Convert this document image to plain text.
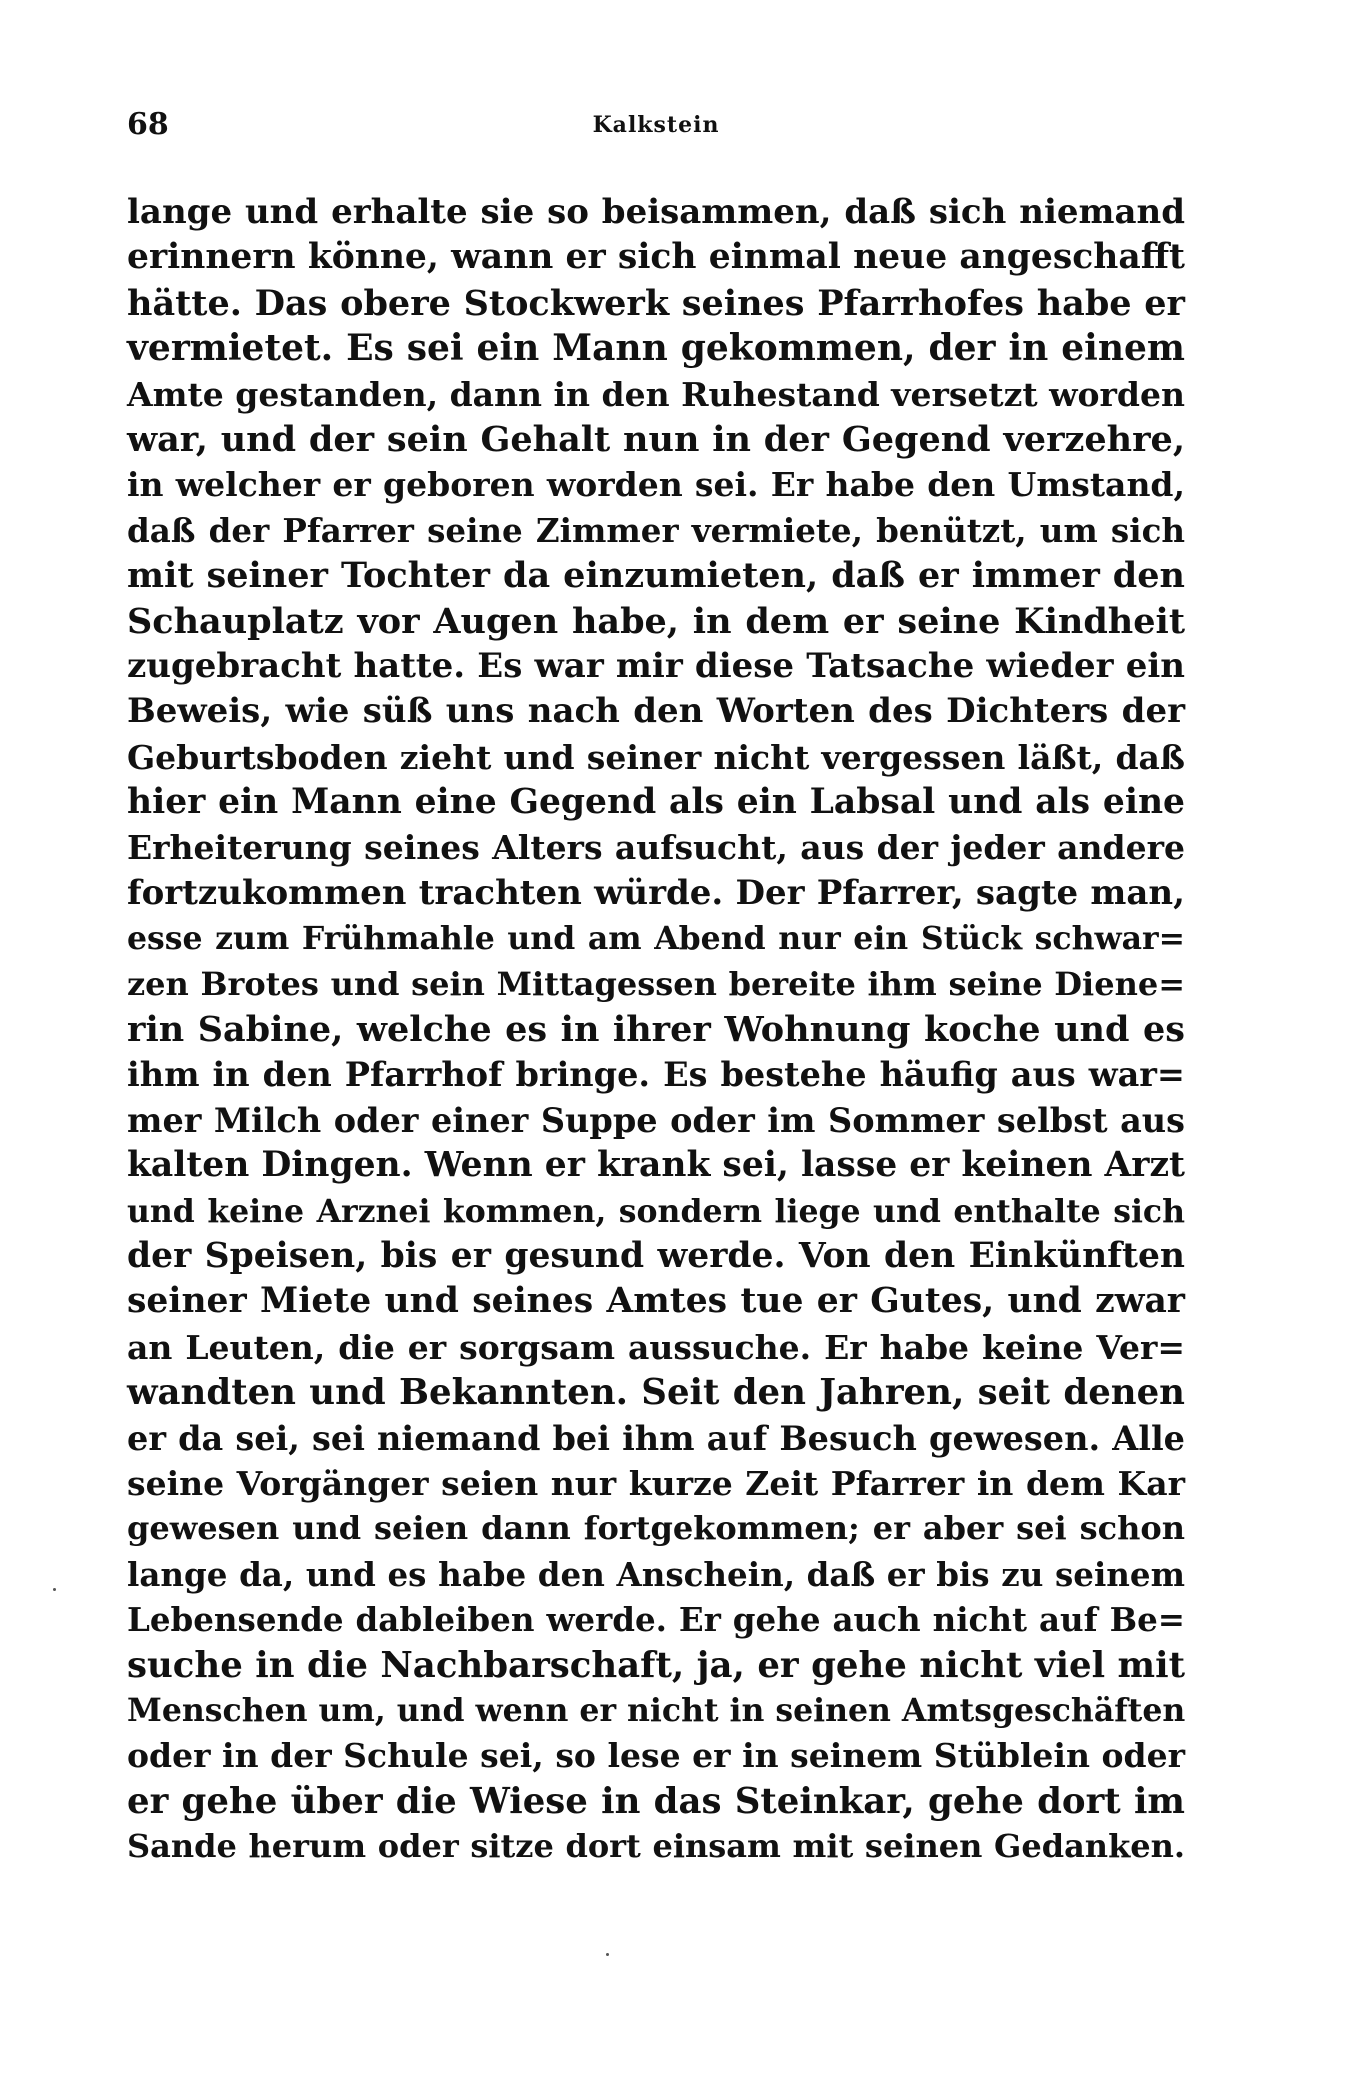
68	Kalkstein
lange und erhalte sie so beisammen, daß sich niemand
erinnern könne, wann er sich einmal neue angeschafft
hätte. Das obere Stockwerk seines Pfarrhofes habe er
vermietet. Es sei ein Mann gekommen, der in einem
Amte gestanden, dann in den Ruhestand versetzt worden
war, und der sein Gehalt nun in der Gegend verzehre,
in welcher er geboren worden sei. Er habe den Umstand,
daß der Pfarrer seine Zimmer vermiete, benützt, um sich
mit seiner Tochter da einzumieten, daß er immer den
Schauplatz vor Augen habe, in dem er seine Kindheit
zugebracht hatte. Es war mir diese Tatsache wieder ein
Beweis, wie süß uns nach den Worten des Dichters der
Geburtsboden zieht und seiner nicht vergessen läßt, daß
hier ein Mann eine Gegend als ein Labsal und als eine
Erheiterung seines Alters aufsucht, aus der jeder andere
fortzukommen trachten würde. Der Pfarrer, sagte man,
esse zum Frühmahle und am Abend nur ein Stück schwar=
zen Brotes und sein Mittagessen bereite ihm seine Diene=
rin Sabine, welche es in ihrer Wohnung koche und es
ihm in den Pfarrhof bringe. Es bestehe häufig aus war=
mer Milch oder einer Suppe oder im Sommer selbst aus
kalten Dingen. Wenn er krank sei, lasse er keinen Arzt
und keine Arznei kommen, sondern liege und enthalte sich
der Speisen, bis er gesund werde. Von den Einkünften
seiner Miete und seines Amtes tue er Gutes, und zwar
an Leuten, die er sorgsam aussuche. Er habe keine Ver=
wandten und Bekannten. Seit den Jahren, seit denen
er da sei, sei niemand bei ihm auf Besuch gewesen. Alle
seine Vorgänger seien nur kurze Zeit Pfarrer in dem Kar
gewesen und seien dann fortgekommen; er aber sei schon
lange da, und es habe den Anschein, daß er bis zu seinem
Lebensende dableiben werde. Er gehe auch nicht auf Be=
suche in die Nachbarschaft, ja, er gehe nicht viel mit
Menschen um, und wenn er nicht in seinen Amtsgeschäften
oder in der Schule sei, so lese er in seinem Stüblein oder
er gehe über die Wiese in das Steinkar, gehe dort im
Sande herum oder sitze dort einsam mit seinen Gedanken.
